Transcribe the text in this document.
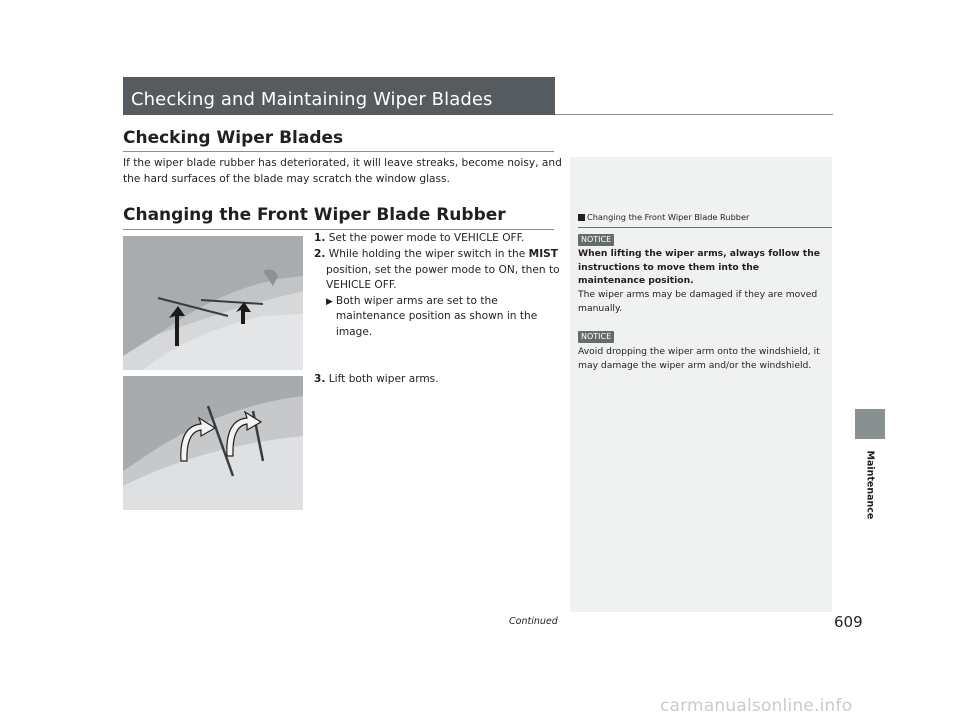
Checking and Maintaining Wiper Blades
Checking Wiper Blades
If the wiper blade rubber has deteriorated, it will leave streaks, become noisy, and the hard surfaces of the blade may scratch the window glass.
Changing the Front Wiper Blade Rubber
1. Set the power mode to VEHICLE OFF.
2. While holding the wiper switch in the MIST
position, set the power mode to ON, then to VEHICLE OFF.
▶ Both wiper arms are set to the maintenance position as shown in the image.
3. Lift both wiper arms.
Changing the Front Wiper Blade Rubber
NOTICE
When lifting the wiper arms, always follow the instructions to move them into the maintenance position.
The wiper arms may be damaged if they are moved manually.
NOTICE
Avoid dropping the wiper arm onto the windshield, it may damage the wiper arm and/or the windshield.
Maintenance
Continued	609
carmanualsonline.info
